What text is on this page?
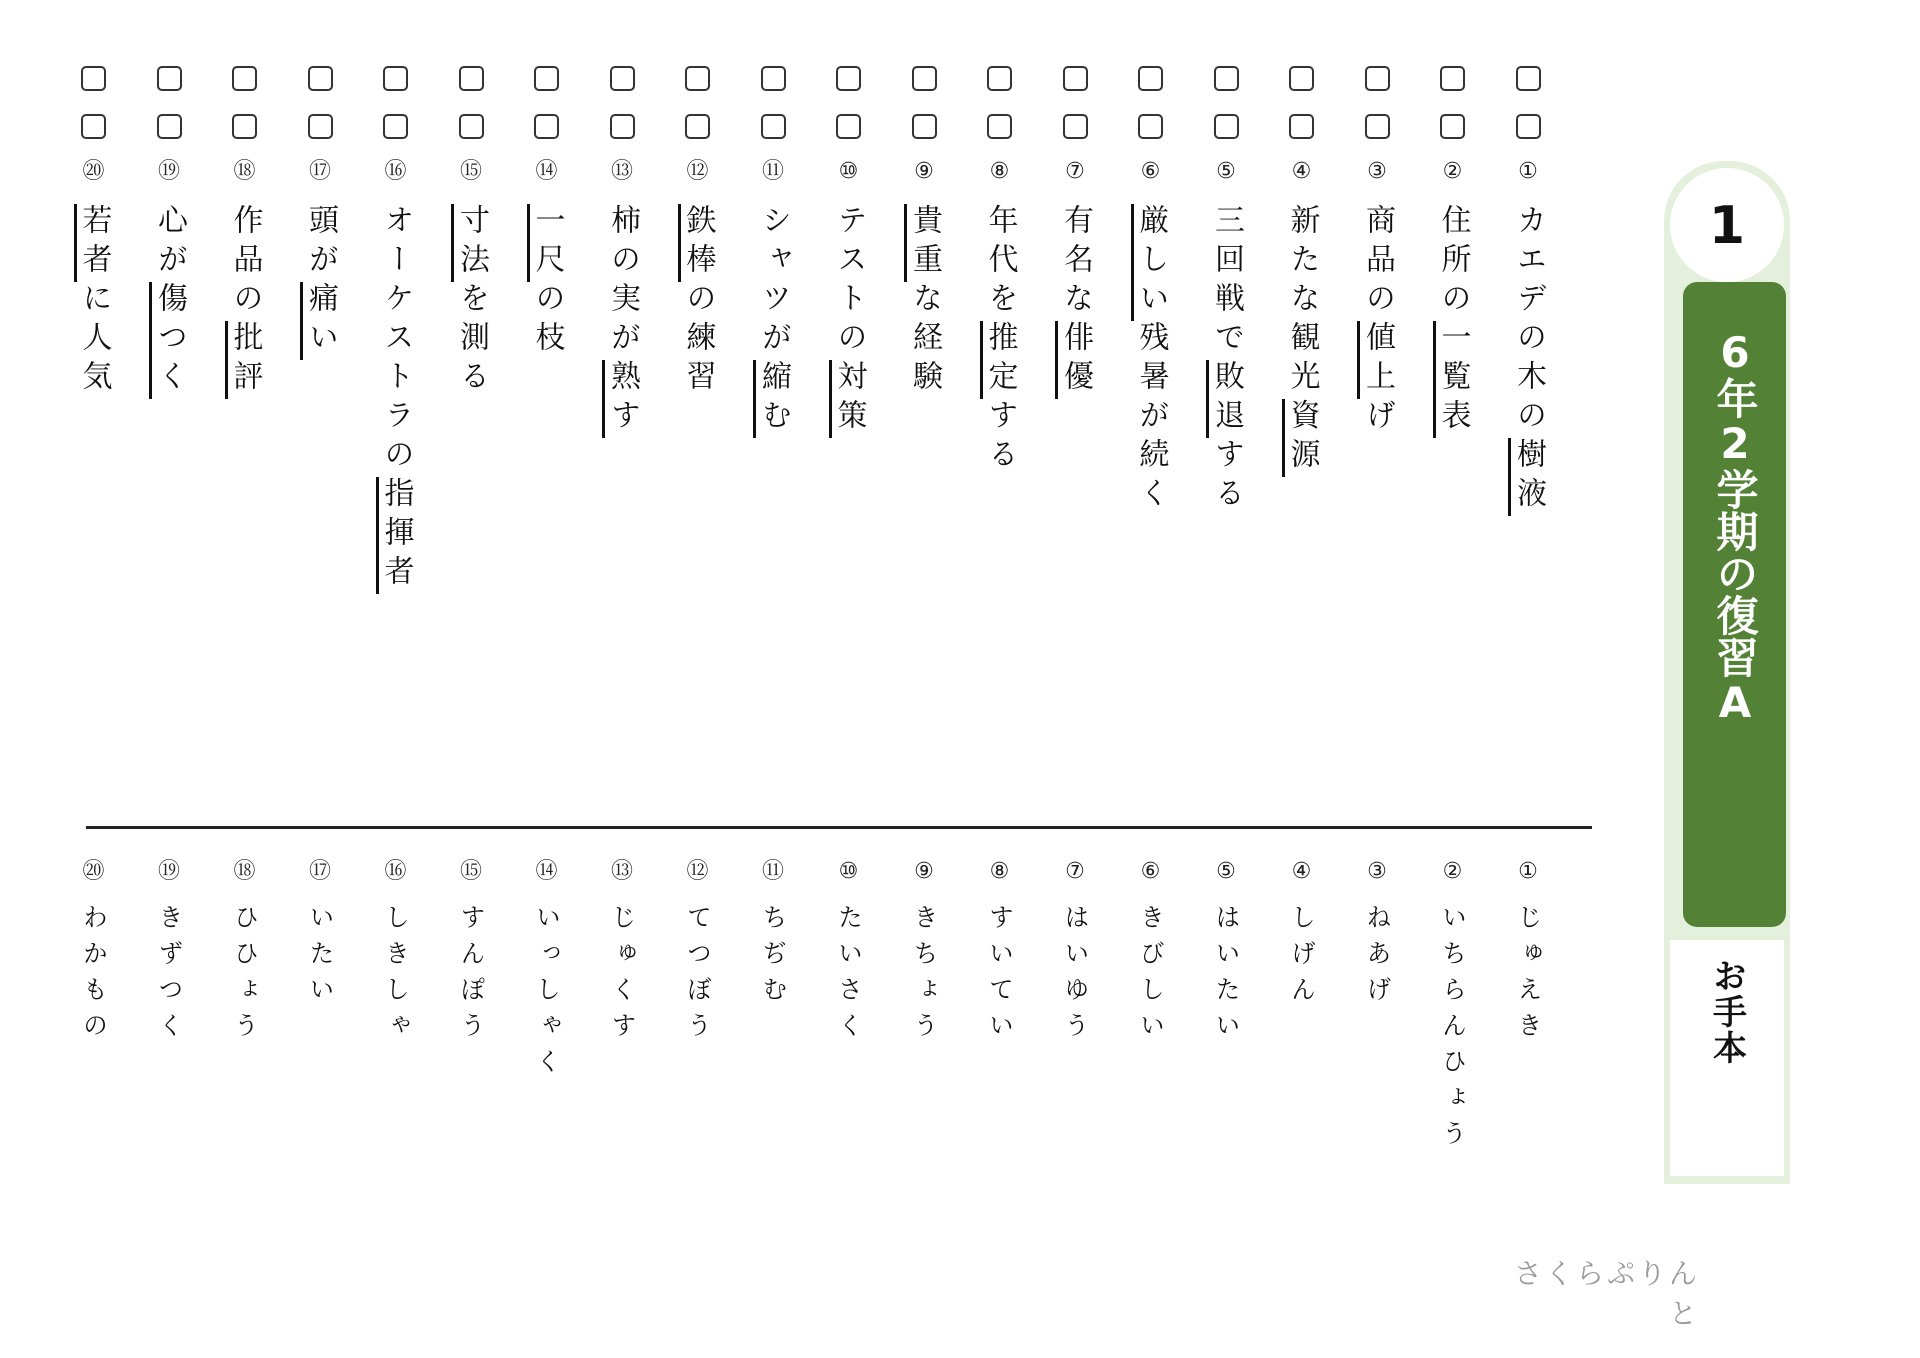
①
カエデの木の樹液
②
住所の一覧表
③
商品の値上げ
④
新たな観光資源
⑤
三回戦で敗退する
⑥
厳しい残暑が続く
⑦
有名な俳優
⑧
年代を推定する
⑨
貴重な経験
⑩
テストの対策
⑪
シャツが縮む
⑫
鉄棒の練習
⑬
柿の実が熟す
⑭
一尺の枝
⑮
寸法を測る
⑯
オーケストラの指揮者
⑰
頭が痛い
⑱
作品の批評
⑲
心が傷つく
⑳
若者に人気
①
じゅえき
②
いちらんひょう
③
ねあげ
④
しげん
⑤
はいたい
⑥
きびしい
⑦
はいゆう
⑧
すいてい
⑨
きちょう
⑩
たいさく
⑪
ちぢむ
⑫
てつぼう
⑬
じゅくす
⑭
いっしゃく
⑮
すんぽう
⑯
しきしゃ
⑰
いたい
⑱
ひひょう
⑲
きずつく
⑳
わかもの
1
6年2学期の復習A
お手本
さくらぷりんと
